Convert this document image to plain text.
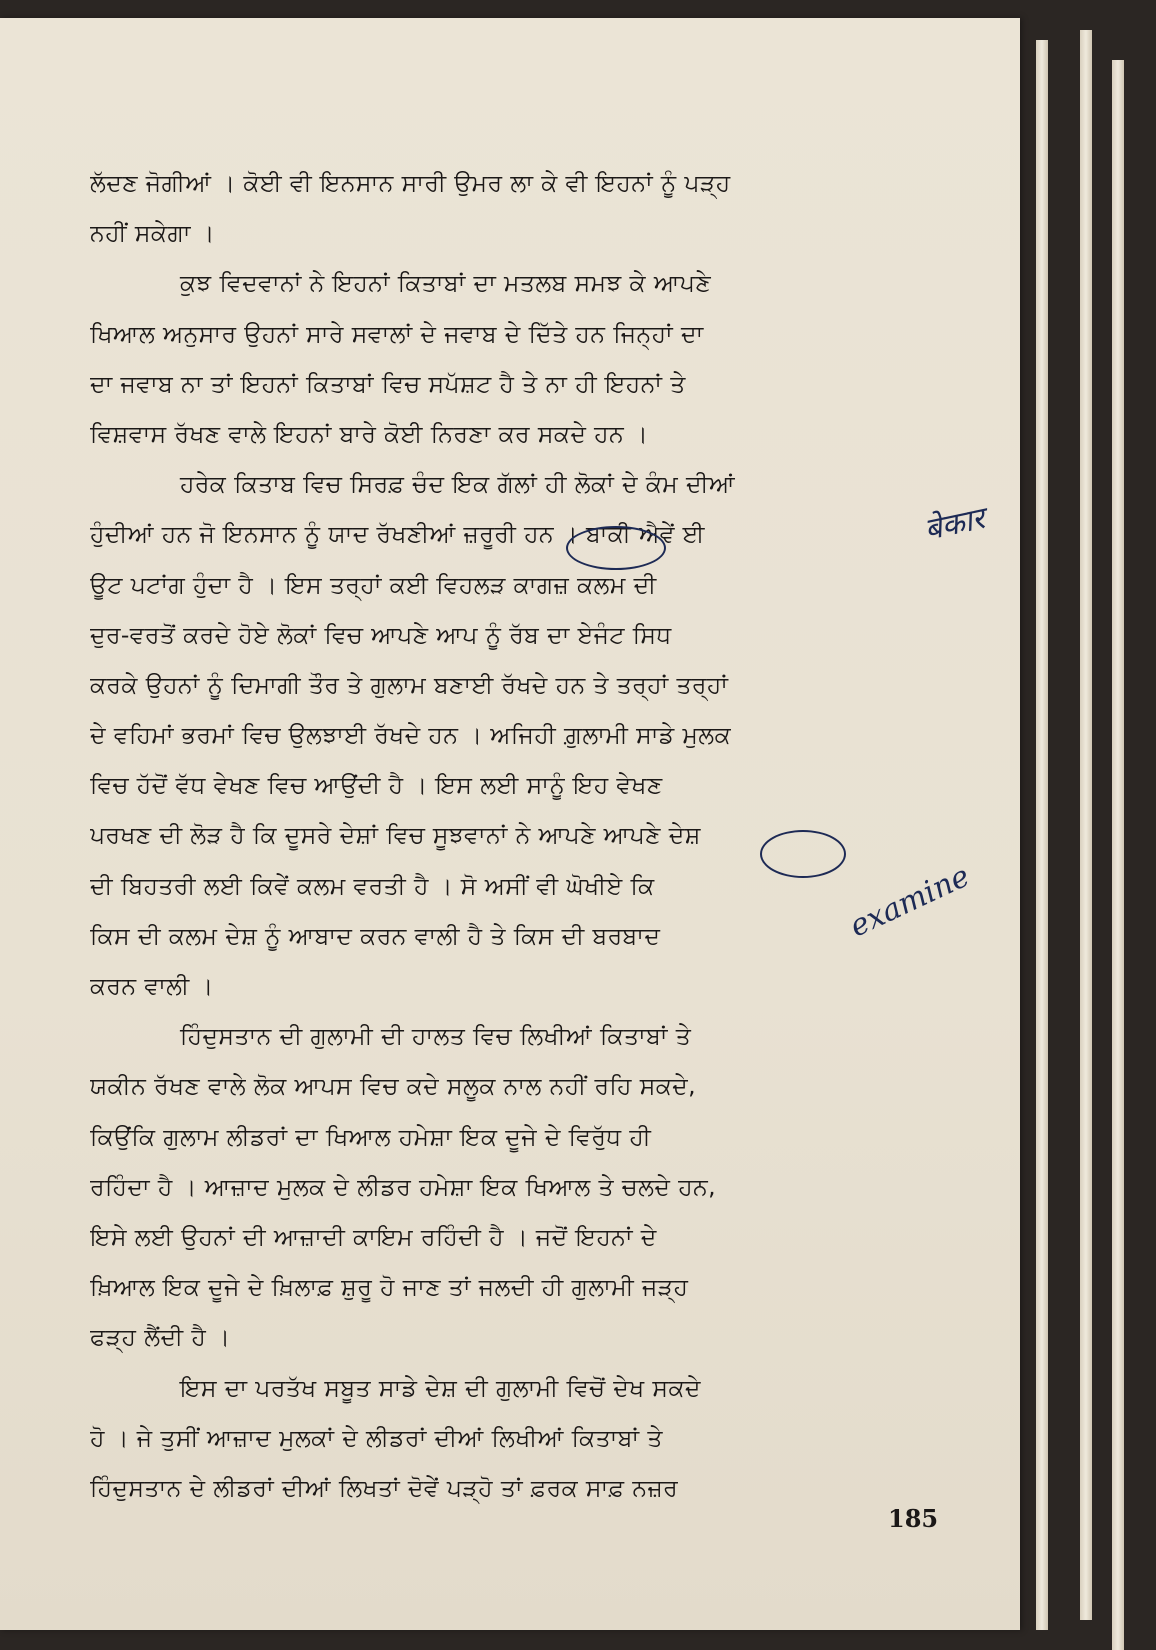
ਲੱਦਣ ਜੋਗੀਆਂ । ਕੋਈ ਵੀ ਇਨਸਾਨ ਸਾਰੀ ਉਮਰ ਲਾ ਕੇ ਵੀ ਇਹਨਾਂ ਨੂੰ ਪੜ੍ਹ
ਨਹੀਂ ਸਕੇਗਾ ।
ਕੁਝ ਵਿਦਵਾਨਾਂ ਨੇ ਇਹਨਾਂ ਕਿਤਾਬਾਂ ਦਾ ਮਤਲਬ ਸਮਝ ਕੇ ਆਪਣੇ
ਖਿਆਲ ਅਨੁਸਾਰ ਉਹਨਾਂ ਸਾਰੇ ਸਵਾਲਾਂ ਦੇ ਜਵਾਬ ਦੇ ਦਿੱਤੇ ਹਨ ਜਿਨ੍ਹਾਂ ਦਾ
ਦਾ ਜਵਾਬ ਨਾ ਤਾਂ ਇਹਨਾਂ ਕਿਤਾਬਾਂ ਵਿਚ ਸਪੱਸ਼ਟ ਹੈ ਤੇ ਨਾ ਹੀ ਇਹਨਾਂ ਤੇ
ਵਿਸ਼ਵਾਸ ਰੱਖਣ ਵਾਲੇ ਇਹਨਾਂ ਬਾਰੇ ਕੋਈ ਨਿਰਣਾ ਕਰ ਸਕਦੇ ਹਨ ।
ਹਰੇਕ ਕਿਤਾਬ ਵਿਚ ਸਿਰਫ਼ ਚੰਦ ਇਕ ਗੱਲਾਂ ਹੀ ਲੋਕਾਂ ਦੇ ਕੰਮ ਦੀਆਂ
ਹੁੰਦੀਆਂ ਹਨ ਜੋ ਇਨਸਾਨ ਨੂੰ ਯਾਦ ਰੱਖਣੀਆਂ ਜ਼ਰੂਰੀ ਹਨ । ਬਾਕੀ ਐਵੇਂ ਈ
ਊਟ ਪਟਾਂਗ ਹੁੰਦਾ ਹੈ । ਇਸ ਤਰ੍ਹਾਂ ਕਈ ਵਿਹਲੜ ਕਾਗਜ਼ ਕਲਮ ਦੀ
ਦੁਰ-ਵਰਤੋਂ ਕਰਦੇ ਹੋਏ ਲੋਕਾਂ ਵਿਚ ਆਪਣੇ ਆਪ ਨੂੰ ਰੱਬ ਦਾ ਏਜੰਟ ਸਿਧ
ਕਰਕੇ ਉਹਨਾਂ ਨੂੰ ਦਿਮਾਗੀ ਤੌਰ ਤੇ ਗੁਲਾਮ ਬਣਾਈ ਰੱਖਦੇ ਹਨ ਤੇ ਤਰ੍ਹਾਂ ਤਰ੍ਹਾਂ
ਦੇ ਵਹਿਮਾਂ ਭਰਮਾਂ ਵਿਚ ਉਲਝਾਈ ਰੱਖਦੇ ਹਨ । ਅਜਿਹੀ ਗ਼ੁਲਾਮੀ ਸਾਡੇ ਮੁਲਕ
ਵਿਚ ਹੱਦੋਂ ਵੱਧ ਵੇਖਣ ਵਿਚ ਆਉਂਦੀ ਹੈ । ਇਸ ਲਈ ਸਾਨੂੰ ਇਹ ਵੇਖਣ
ਪਰਖਣ ਦੀ ਲੋੜ ਹੈ ਕਿ ਦੂਸਰੇ ਦੇਸ਼ਾਂ ਵਿਚ ਸੂਝਵਾਨਾਂ ਨੇ ਆਪਣੇ ਆਪਣੇ ਦੇਸ਼
ਦੀ ਬਿਹਤਰੀ ਲਈ ਕਿਵੇਂ ਕਲਮ ਵਰਤੀ ਹੈ । ਸੋ ਅਸੀਂ ਵੀ ਘੋਖੀਏ ਕਿ
ਕਿਸ ਦੀ ਕਲਮ ਦੇਸ਼ ਨੂੰ ਆਬਾਦ ਕਰਨ ਵਾਲੀ ਹੈ ਤੇ ਕਿਸ ਦੀ ਬਰਬਾਦ
ਕਰਨ ਵਾਲੀ ।
ਹਿੰਦੁਸਤਾਨ ਦੀ ਗੁਲਾਮੀ ਦੀ ਹਾਲਤ ਵਿਚ ਲਿਖੀਆਂ ਕਿਤਾਬਾਂ ਤੇ
ਯਕੀਨ ਰੱਖਣ ਵਾਲੇ ਲੋਕ ਆਪਸ ਵਿਚ ਕਦੇ ਸਲੂਕ ਨਾਲ ਨਹੀਂ ਰਹਿ ਸਕਦੇ,
ਕਿਉਂਕਿ ਗੁਲਾਮ ਲੀਡਰਾਂ ਦਾ ਖਿਆਲ ਹਮੇਸ਼ਾ ਇਕ ਦੂਜੇ ਦੇ ਵਿਰੁੱਧ ਹੀ
ਰਹਿੰਦਾ ਹੈ । ਆਜ਼ਾਦ ਮੁਲਕ ਦੇ ਲੀਡਰ ਹਮੇਸ਼ਾ ਇਕ ਖਿਆਲ ਤੇ ਚਲਦੇ ਹਨ,
ਇਸੇ ਲਈ ਉਹਨਾਂ ਦੀ ਆਜ਼ਾਦੀ ਕਾਇਮ ਰਹਿੰਦੀ ਹੈ । ਜਦੋਂ ਇਹਨਾਂ ਦੇ
ਖ਼ਿਆਲ ਇਕ ਦੂਜੇ ਦੇ ਖ਼ਿਲਾਫ਼ ਸ਼ੁਰੂ ਹੋ ਜਾਣ ਤਾਂ ਜਲਦੀ ਹੀ ਗੁਲਾਮੀ ਜੜ੍ਹ
ਫੜ੍ਹ ਲੈਂਦੀ ਹੈ ।
ਇਸ ਦਾ ਪਰਤੱਖ ਸਬੂਤ ਸਾਡੇ ਦੇਸ਼ ਦੀ ਗੁਲਾਮੀ ਵਿਚੋਂ ਦੇਖ ਸਕਦੇ
ਹੋ । ਜੇ ਤੁਸੀਂ ਆਜ਼ਾਦ ਮੁਲਕਾਂ ਦੇ ਲੀਡਰਾਂ ਦੀਆਂ ਲਿਖੀਆਂ ਕਿਤਾਬਾਂ ਤੇ
ਹਿੰਦੁਸਤਾਨ ਦੇ ਲੀਡਰਾਂ ਦੀਆਂ ਲਿਖਤਾਂ ਦੋਵੇਂ ਪੜ੍ਹੋ ਤਾਂ ਫ਼ਰਕ ਸਾਫ਼ ਨਜ਼ਰ
बेकार
examine
185
